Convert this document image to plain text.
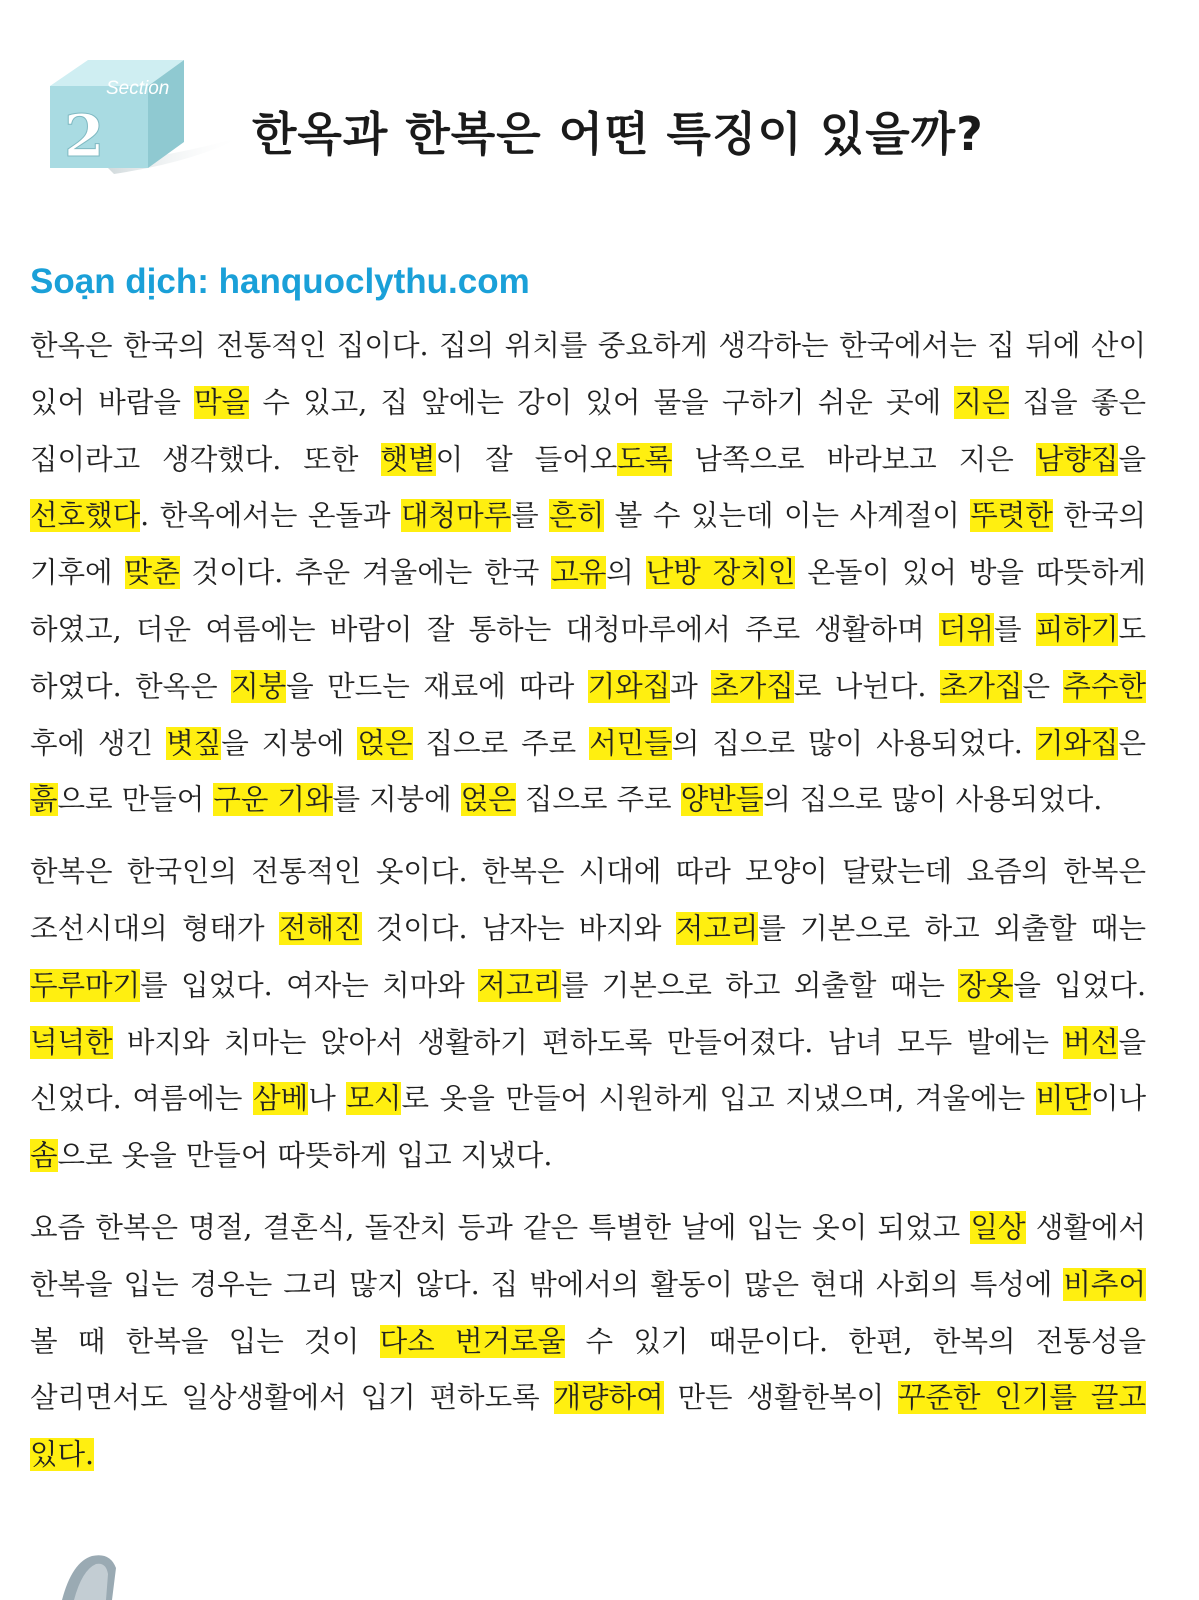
Section
2	한옥과 한복은 어떤 특징이 있을까?

Soạn dịch: hanquoclythu.com

한옥은 한국의 전통적인 집이다. 집의 위치를 중요하게 생각하는 한국에서는 집 뒤에 산이 있어 바람을 막을 수 있고, 집 앞에는 강이 있어 물을 구하기 쉬운 곳에 지은 집을 좋은 집이라고 생각했다. 또한 햇볕이 잘 들어오도록 남쪽으로 바라보고 지은 남향집을 선호했다. 한옥에서는 온돌과 대청마루를 흔히 볼 수 있는데 이는 사계절이 뚜렷한 한국의 기후에 맞춘 것이다. 추운 겨울에는 한국 고유의 난방 장치인 온돌이 있어 방을 따뜻하게 하였고, 더운 여름에는 바람이 잘 통하는 대청마루에서 주로 생활하며 더위를 피하기도 하였다. 한옥은 지붕을 만드는 재료에 따라 기와집과 초가집로 나뉜다. 초가집은 추수한 후에 생긴 볏짚을 지붕에 얹은 집으로 주로 서민들의 집으로 많이 사용되었다. 기와집은 흙으로 만들어 구운 기와를 지붕에 얹은 집으로 주로 양반들의 집으로 많이 사용되었다.

한복은 한국인의 전통적인 옷이다. 한복은 시대에 따라 모양이 달랐는데 요즘의 한복은 조선시대의 형태가 전해진 것이다. 남자는 바지와 저고리를 기본으로 하고 외출할 때는 두루마기를 입었다. 여자는 치마와 저고리를 기본으로 하고 외출할 때는 장옷을 입었다. 넉넉한 바지와 치마는 앉아서 생활하기 편하도록 만들어졌다. 남녀 모두 발에는 버선을 신었다. 여름에는 삼베나 모시로 옷을 만들어 시원하게 입고 지냈으며, 겨울에는 비단이나 솜으로 옷을 만들어 따뜻하게 입고 지냈다.

요즘 한복은 명절, 결혼식, 돌잔치 등과 같은 특별한 날에 입는 옷이 되었고 일상 생활에서 한복을 입는 경우는 그리 많지 않다. 집 밖에서의 활동이 많은 현대 사회의 특성에 비추어 볼 때 한복을 입는 것이 다소 번거로울 수 있기 때문이다. 한편, 한복의 전통성을 살리면서도 일상생활에서 입기 편하도록 개량하여 만든 생활한복이 꾸준한 인기를 끌고 있다.
